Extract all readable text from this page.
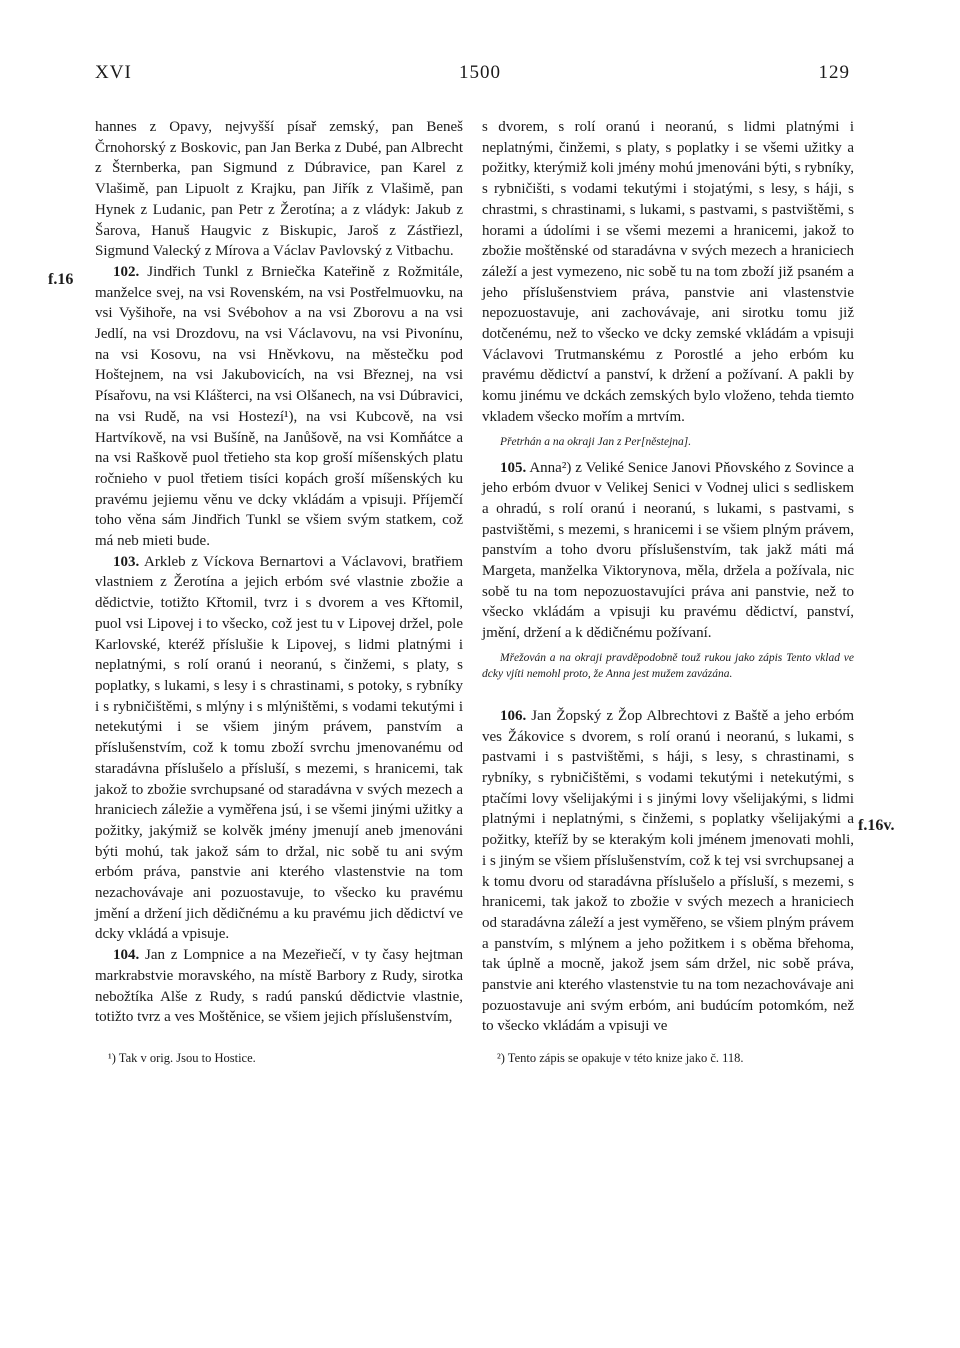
XVI	1500	129
f.16
f.16v.

hannes z Opavy, nejvyšší písař zemský, pan Beneš Črnohorský z Boskovic, pan Jan Berka z Dubé, pan Albrecht z Šternberka, pan Sigmund z Dúbravice, pan Karel z Vlašimě, pan Lipuolt z Krajku, pan Jiřík z Vlašimě, pan Hynek z Ludanic, pan Petr z Žerotína; a z vládyk: Jakub z Šarova, Hanuš Haugvic z Biskupic, Jaroš z Zástřiezl, Sigmund Valecký z Mírova a Václav Pavlovský z Vitbachu.

102. Jindřich Tunkl z Brniečka Kateřině z Rožmitále, manželce svej, na vsi Rovenském, na vsi Postřelmuovku, na vsi Vyšihoře, na vsi Svébohov a na vsi Zborovu a na vsi Jedlí, na vsi Drozdovu, na vsi Václavovu, na vsi Pivonínu, na vsi Kosovu, na vsi Hněvkovu, na městečku pod Hoštejnem, na vsi Jakubovicích, na vsi Březnej, na vsi Písařovu, na vsi Klášterci, na vsi Olšanech, na vsi Dúbravici, na vsi Rudě, na vsi Hostezí¹), na vsi Kubcově, na vsi Hartvíkově, na vsi Bušíně, na Janůšově, na vsi Komňátce a na vsi Raškově puol třetieho sta kop groší míšenských platu ročnieho v puol třetiem tisíci kopách groší míšenských ku pravému jejiemu věnu ve dcky vkládám a vpisuji. Příjemčí toho věna sám Jindřich Tunkl se všiem svým statkem, což má neb mieti bude.

103. Arkleb z Víckova Bernartovi a Václavovi, bratřiem vlastniem z Žerotína a jejich erbóm své vlastnie zbožie a dědictvie, totižto Křtomil, tvrz i s dvorem a ves Křtomil, puol vsi Lipovej i to všecko, což jest tu v Lipovej držel, pole Karlovské, kteréž příslušie k Lipovej, s lidmi platnými i neplatnými, s rolí oranú i neoranú, s činžemi, s platy, s poplatky, s lukami, s lesy i s chrastinami, s potoky, s rybníky i s rybničištěmi, s mlýny i s mlýništěmi, s vodami tekutými i netekutými i se všiem jiným právem, panstvím a příslušenstvím, což k tomu zboží svrchu jmenovanému od staradávna příslušelo a přísluší, s mezemi, s hranicemi, tak jakož to zbožie svrchupsané od staradávna v svých mezech a hraniciech záležie a vyměřena jsú, i se všemi jinými užitky a požitky, jakýmiž se kolvěk jmény jmenují aneb jmenováni býti mohú, tak jakož sám to držal, nic sobě tu ani svým erbóm práva, panstvie ani kterého vlastenstvie na tom nezachovávaje ani pozuostavuje, to všecko ku pravému jmění a držení jich dědičnému a ku pravému jich dědictví ve dcky vkládá a vpisuje.

104. Jan z Lompnice a na Mezeřiečí, v ty časy hejtman markrabstvie moravského, na místě Barbory z Rudy, sirotka nebožtíka Alše z Rudy, s radú panskú dědictvie vlastnie, totižto tvrz a ves Moštěnice, se všiem jejich příslušenstvím,

s dvorem, s rolí oranú i neoranú, s lidmi platnými i neplatnými, činžemi, s platy, s poplatky i se všemi užitky a požitky, kterýmiž koli jmény mohú jmenováni býti, s rybníky, s rybničišti, s vodami tekutými i stojatými, s lesy, s háji, s chrastmi, s chrastinami, s lukami, s pastvami, s pastvištěmi, s horami a údolími i se všemi mezemi a hranicemi, jakož to zbožie moštěnské od staradávna v svých mezech a hraniciech záleží a jest vymezeno, nic sobě tu na tom zboží již psaném a jeho příslušenstviem práva, panstvie ani vlastenstvie nepozuostavuje, ani zachovávaje, ani sirotku tomu již dotčenému, než to všecko ve dcky zemské vkládám a vpisuji Václavovi Trutmanskému z Porostlé a jeho erbóm ku pravému dědictví a panství, k držení a požívaní. A pakli by komu jinému ve dckách zemských bylo vloženo, tehda tiemto vkladem všecko mořím a mrtvím.

Přetrhán a na okraji Jan z Per[něstejna].

105. Anna²) z Veliké Senice Janovi Pňovského z Sovince a jeho erbóm dvuor v Velikej Senici v Vodnej ulici s sedliskem a ohradú, s rolí oranú i neoranú, s lukami, s pastvami, s pastvištěmi, s mezemi, s hranicemi i se všiem plným právem, panstvím a toho dvoru příslušenstvím, tak jakž máti má Margeta, manželka Viktorynova, měla, držela a požívala, nic sobě tu na tom nepozuostavujíci práva ani panstvie, než to všecko vkládám a vpisuji ku pravému dědictví, panství, jmění, držení a k dědičnému požívaní.

Mřežován a na okraji pravděpodobně touž rukou jako zápis Tento vklad ve dcky vjíti nemohl proto, že Anna jest mužem zavázána.

106. Jan Žopský z Žop Albrechtovi z Baště a jeho erbóm ves Žákovice s dvorem, s rolí oranú i neoranú, s lukami, s pastvami i s pastvištěmi, s háji, s lesy, s chrastinami, s rybníky, s rybničištěmi, s vodami tekutými i netekutými, s ptačími lovy všelijakými i s jinými lovy všelijakými, s lidmi platnými i neplatnými, s činžemi, s poplatky všelijakými a požitky, kteříž by se kterakým koli jménem jmenovati mohli, i s jiným se všiem příslušenstvím, což k tej vsi svrchupsanej a k tomu dvoru od staradávna příslušelo a přísluší, s mezemi, s hranicemi, tak jakož to zbožie v svých mezech a hraniciech od staradávna záleží a jest vyměřeno, se všiem plným právem a panstvím, s mlýnem a jeho požitkem i s oběma břehoma, tak úplně a mocně, jakož jsem sám držel, nic sobě práva, panstvie ani kterého vlastenstvie tu na tom nezachovávaje ani pozuostavuje ani svým erbóm, ani budúcím potomkóm, než to všecko vkládám a vpisuji ve

¹) Tak v orig. Jsou to Hostice.	²) Tento zápis se opakuje v této knize jako č. 118.
